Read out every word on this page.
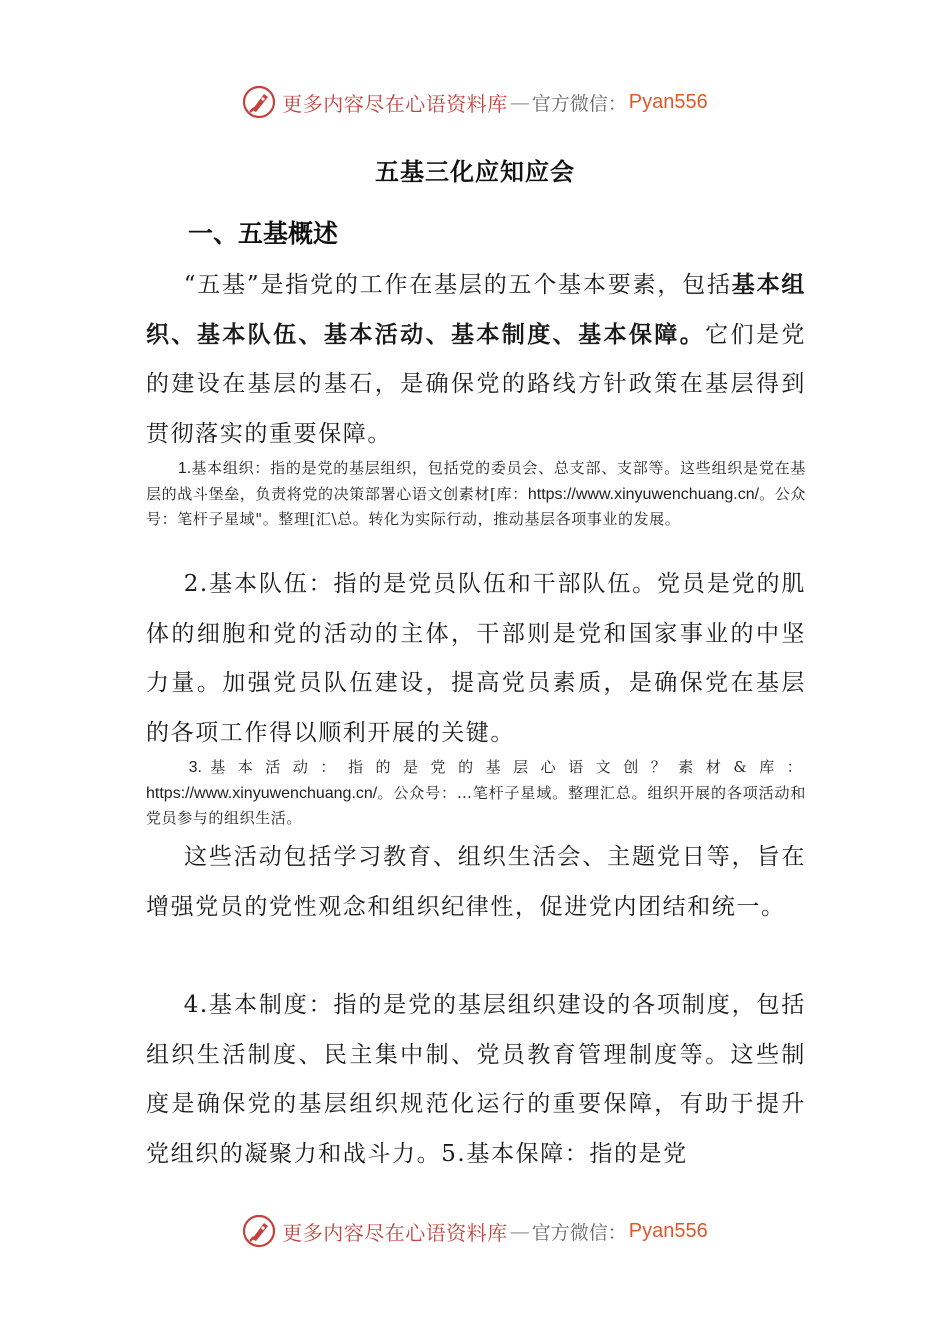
更多内容尽在心语资料库 — 官方微信： Pyan556
五基三化应知应会
一、五基概述

  “五基”是指党的工作在基层的五个基本要素，包括基本组织、基本队伍、基本活动、基本制度、基本保障。它们是党的建设在基层的基石，是确保党的路线方针政策在基层得到贯彻落实的重要保障。

   1.基本组织：指的是党的基层组织，包括党的委员会、总支部、支部等。这些组织是党在基层的战斗堡垒，负责将党的决策部署心语文创素材[库：https://www.xinyuwenchuang.cn/。公众号：笔杆子星域"。整理[汇\总。转化为实际行动，推动基层各项事业的发展。

  2.基本队伍：指的是党员队伍和干部队伍。党员是党的肌体的细胞和党的活动的主体，干部则是党和国家事业的中坚力量。加强党员队伍建设，提高党员素质，是确保党在基层的各项工作得以顺利开展的关键。

   3.基本活动：指的是党的基层心语文创？素材&库：https://www.xinyuwenchuang.cn/。公众号：…笔杆子星域。整理汇总。组织开展的各项活动和党员参与的组织生活。

  这些活动包括学习教育、组织生活会、主题党日等，旨在增强党员的党性观念和组织纪律性，促进党内团结和统一。

  4.基本制度：指的是党的基层组织建设的各项制度，包括组织生活制度、民主集中制、党员教育管理制度等。这些制度是确保党的基层组织规范化运行的重要保障，有助于提升党组织的凝聚力和战斗力。5.基本保障：指的是党

更多内容尽在心语资料库 — 官方微信： Pyan556
